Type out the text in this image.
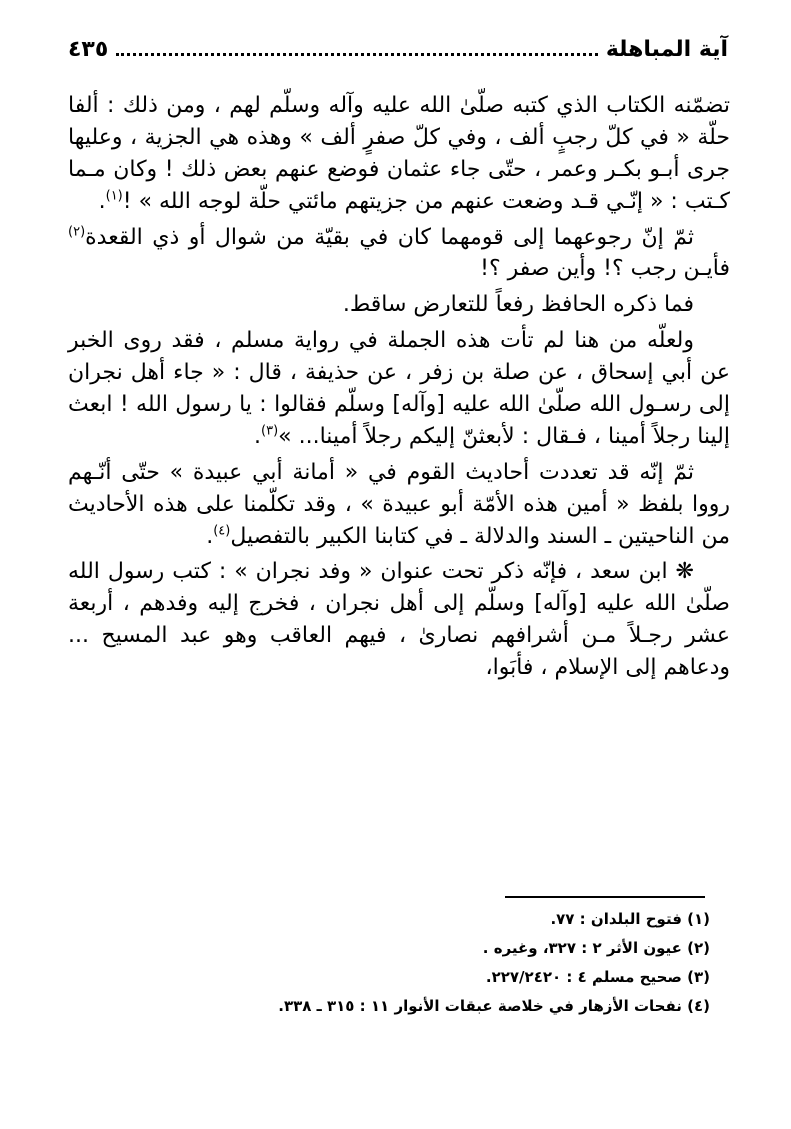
آية المباهلة
٤٣٥

تضمّنه الكتاب الذي كتبه صلّىٰ الله عليه وآله وسلّم لهم ، ومن ذلك : ألفا حلّة « في كلّ رجبٍ ألف ، وفي كلّ صفرٍ ألف » وهذه هي الجزية ، وعليها جرى أبـو بكـر وعمر ، حتّى جاء عثمان فوضع عنهم بعض ذلك ! وكان مـما كـتب : « إنّـي قـد وضعت عنهم من جزيتهم مائتي حلّة لوجه الله » !$^{(١)}$.

ثمّ إنّ رجوعهما إلى قومهما كان في بقيّة من شوال أو ذي القعدة$^{(٢)}$ فأيـن رجب ؟! وأين صفر ؟!

فما ذكره الحافظ رفعاً للتعارض ساقط.

ولعلّه من هنا لم تأت هذه الجملة في رواية مسلم ، فقد روى الخبر عن أبي إسحاق ، عن صلة بن زفر ، عن حذيفة ، قال : « جاء أهل نجران إلى رسـول الله صلّىٰ الله عليه [وآله] وسلّم فقالوا : يا رسول الله ! ابعث إلينا رجلاً أمينا ، فـقال : لأبعثنّ إليكم رجلاً أمينا... »$^{(٣)}$.

ثمّ إنّه قد تعددت أحاديث القوم في « أمانة أبي عبيدة » حتّى أنّـهم رووا بلفظ « أمين هذه الأمّة أبو عبيدة » ، وقد تكلّمنا على هذه الأحاديث من الناحيتين ـ السند والدلالة ـ في كتابنا الكبير بالتفصيل$^{(٤)}$.

❋ ابن سعد ، فإنّه ذكر تحت عنوان « وفد نجران » : كتب رسول الله صلّىٰ الله عليه [وآله] وسلّم إلى أهل نجران ، فخرج إليه وفدهم ، أربعة عشر رجـلاً مـن أشرافهم نصارىٰ ، فيهم العاقب وهو عبد المسيح ... ودعاهم إلى الإسلام ، فأبَوا،

(١) فتوح البلدان : ٧٧.
(٢) عيون الأثر ٢ : ٣٢٧، وغيره .
(٣) صحيح مسلم ٤ : ٢٢٧/٢٤٢٠.
(٤) نفحات الأزهار في خلاصة عبقات الأنوار ١١ : ٣١٥ ـ ٣٣٨.
